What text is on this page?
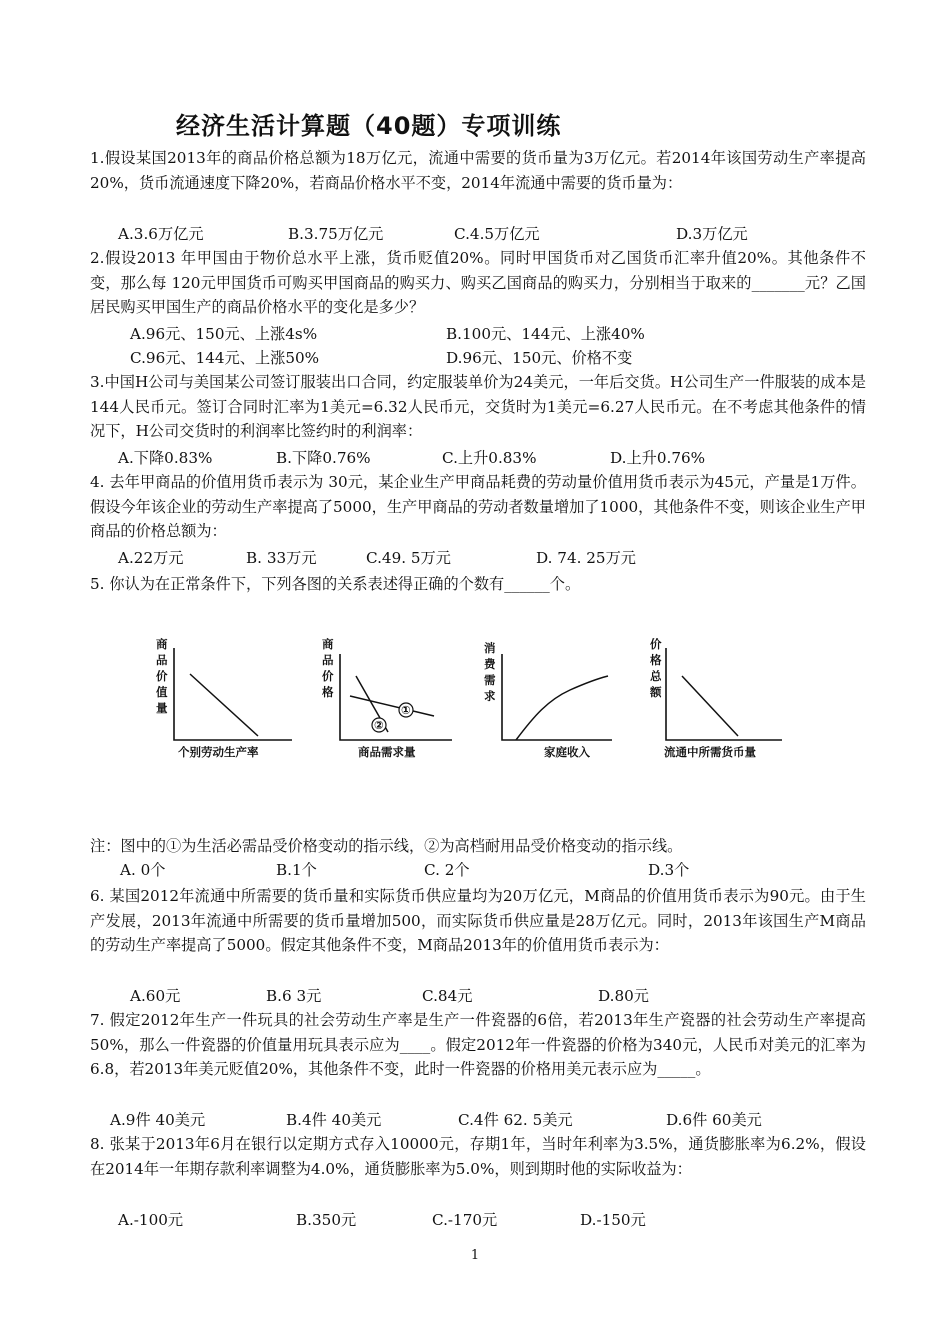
经济生活计算题（40题）专项训练
1.假设某国2013年的商品价格总额为18万亿元，流通中需要的货币量为3万亿元。若2014年该国劳动生产率提高20%，货币流通速度下降20%，若商品价格水平不变，2014年流通中需要的货币量为：
A.3.6万亿元	B.3.75万亿元	C.4.5万亿元	D.3万亿元
2.假设2013 年甲国由于物价总水平上涨，货币贬值20%。同时甲国货币对乙国货币汇率升值20%。其他条件不变，那么每 120元甲国货币可购买甲国商品的购买力、购买乙国商品的购买力，分别相当于取来的_______元？乙国居民购买甲国生产的商品价格水平的变化是多少？
A.96元、150元、上涨4s%	B.100元、144元、上涨40%
C.96元、144元、上涨50%	D.96元、150元、价格不变
3.中国H公司与美国某公司签订服装出口合同，约定服装单价为24美元，一年后交货。H公司生产一件服装的成本是144人民币元。签订合同时汇率为1美元=6.32人民币元，交货时为1美元=6.27人民币元。在不考虑其他条件的情况下，H公司交货时的利润率比签约时的利润率：
A.下降0.83%	B.下降0.76%	C.上升0.83%	D.上升0.76%
4. 去年甲商品的价值用货币表示为 30元，某企业生产甲商品耗费的劳动量价值用货币表示为45元，产量是1万件。假设今年该企业的劳动生产率提高了5000，生产甲商品的劳动者数量增加了1000，其他条件不变，则该企业生产甲商品的价格总额为：
A.22万元	B. 33万元	C.49. 5万元	D. 74. 25万元
5. 你认为在正常条件下，下列各图的关系表述得正确的个数有______个。
商
品
价
值
量
个别劳动生产率
商
品
价
格
①
②
商品需求量
消
费
需
求
家庭收入
价
格
总
额
流通中所需货币量
注：图中的①为生活必需品受价格变动的指示线，②为高档耐用品受价格变动的指示线。
A. 0个	B.1个	C. 2个	D.3个
6. 某国2012年流通中所需要的货币量和实际货币供应量均为20万亿元，M商品的价值用货币表示为90元。由于生产发展，2013年流通中所需要的货币量增加500，而实际货币供应量是28万亿元。同时，2013年该国生产M商品的劳动生产率提高了5000。假定其他条件不变，M商品2013年的价值用货币表示为：
A.60元	B.6 3元	C.84元	D.80元
7. 假定2012年生产一件玩具的社会劳动生产率是生产一件瓷器的6倍，若2013年生产瓷器的社会劳动生产率提高50%，那么一件瓷器的价值量用玩具表示应为____。假定2012年一件瓷器的价格为340元，人民币对美元的汇率为6.8，若2013年美元贬值20%，其他条件不变，此时一件瓷器的价格用美元表示应为_____。
A.9件 40美元	B.4件 40美元	C.4件 62. 5美元	D.6件 60美元
8. 张某于2013年6月在银行以定期方式存入10000元，存期1年，当时年利率为3.5%，通货膨胀率为6.2%，假设在2014年一年期存款利率调整为4.0%，通货膨胀率为5.0%，则到期时他的实际收益为：
A.-100元	B.350元	C.-170元	D.-150元
1
